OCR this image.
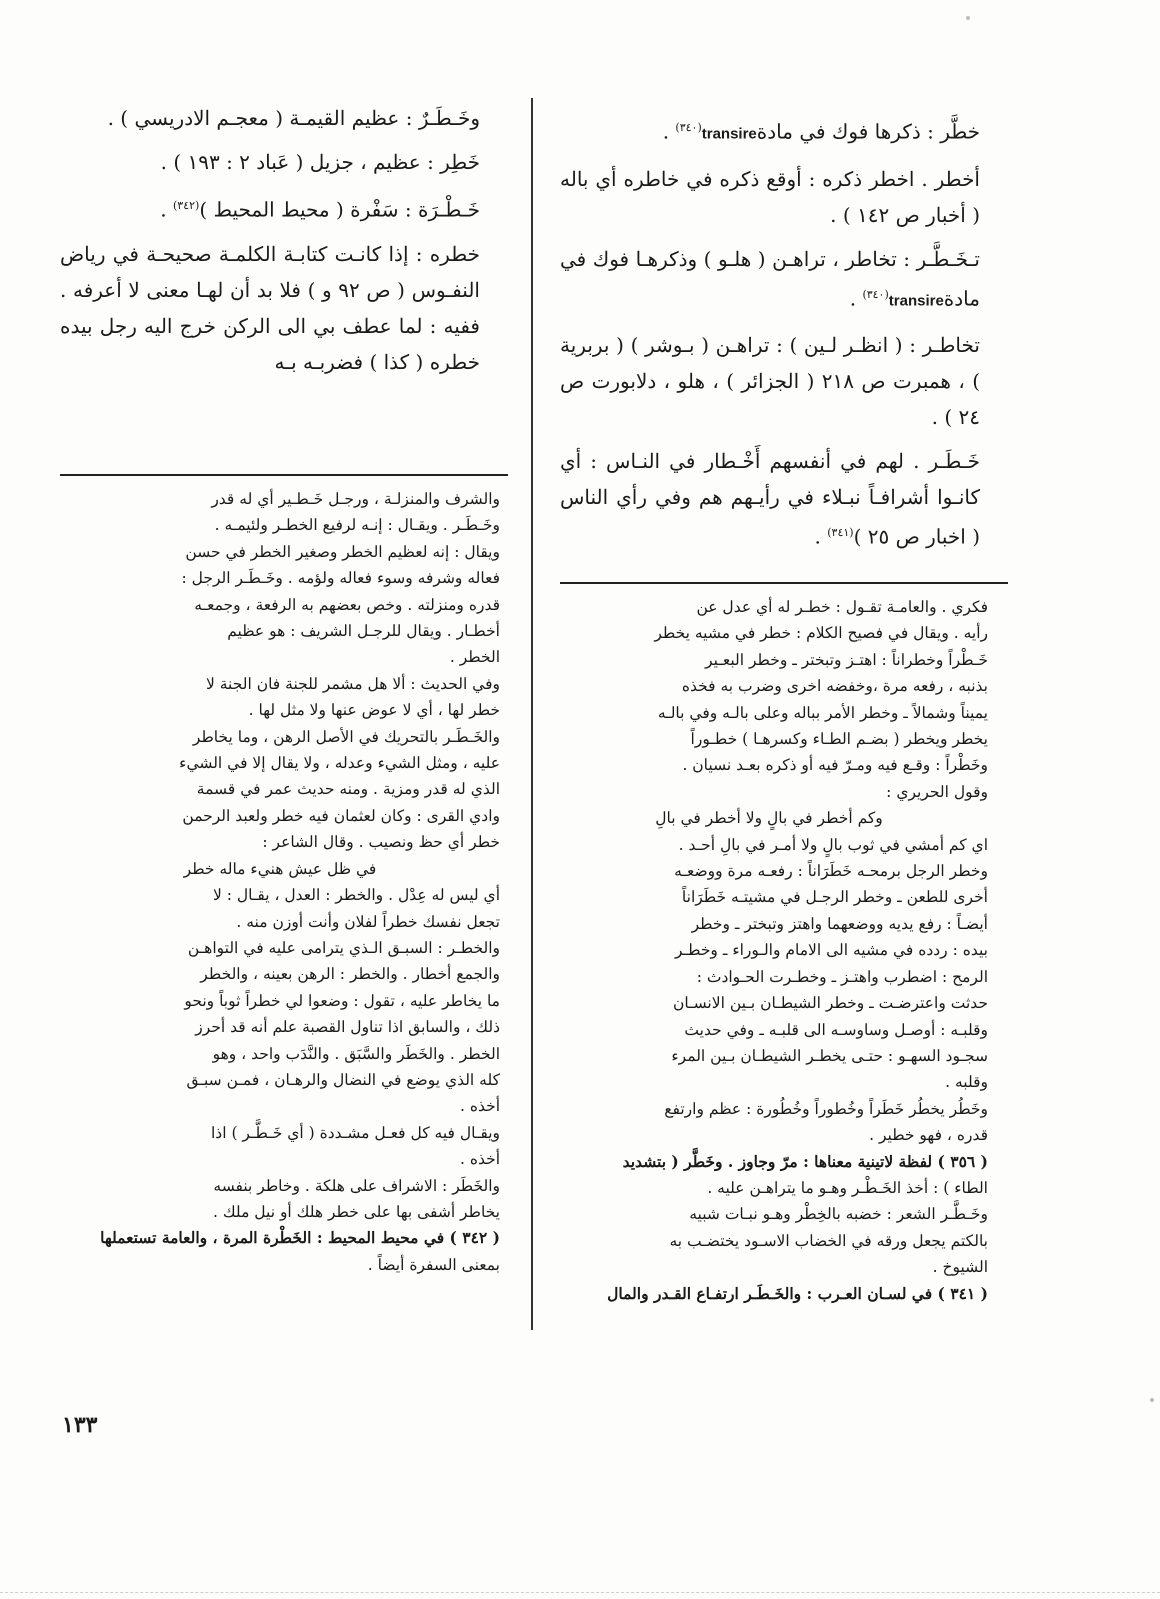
خطَّر : ذكرها فوك في مادةtransire$^{(٣٤٠)}$ .
أخطر . اخطر ذكره : أوقع ذكره في خاطره أي باله ( أخبار ص ١٤٢ ) .
تـخَـطَّـر : تخاطر ، تراهـن ( هلـو ) وذكرهـا فوك في مادةtransire$^{(٣٤٠)}$ .
تخاطـر : ( انظـر لـين ) : تراهـن ( بـوشر ) ( بربرية ) ، همبرت ص ٢١٨ ( الجزائر ) ، هلو ، دلابورت ص ٢٤ ) .
خَـطَـر . لهم في أنفسهم أَخْـطار في النـاس : أي كانـوا أشرافـاً نبـلاء في رأيـهم هم وفي رأي الناس ( اخبار ص ٢٥ )$^{(٣٤١)}$ .
وخَـطَـرٌ : عظيم القيمـة ( معجـم الادريسي ) .
خَطِر : عظيم ، جزيل ( عَباد ٢ : ١٩٣ ) .
خَـطْـرَة : سَفْرة ( محيط المحيط )$^{(٣٤٢)}$ .
خطره : إذا كانـت كتابـة الكلمـة صحيحـة في رياض النفـوس ( ص ٩٢ و ) فلا بد أن لهـا معنى لا أعرفه . ففيه : لما عطف بي الى الركن خرج اليه رجل بيده خطره ( كذا ) فضربـه بـه

فكري . والعامـة تقـول : خطـر له أي عدل عن

رأيه . ويقال في فصيح الكلام : خطر في مشيه يخطر

خَـطْراً وخطراناً : اهتـز وتبختر ـ وخطر البعـير

بذنبه ، رفعه مرة ،وخفضه اخرى وضرب به فخذه

يميناً وشمالاً ـ وخطر الأمر بباله وعلى بالـه وفي بالـه

يخطر ويخطر ( بضـم الطـاء وكسرهـا ) خطـوراً

وخَطْراً : وقـع فيه ومـرّ فيه أو ذكره بعـد نسيان .

وقول الحريري :

وكم أخطر في بالٍ ولا أخطر في بالِ

اي كم أمشي في ثوب بالٍ ولا أمـر في بالِ أحـد .

وخطر الرجل برمحـه خَطَرَاناً : رفعـه مرة ووضعـه

أخرى للطعن ـ وخطر الرجـل في مشيتـه خَطَرَاناً

أيضـاً : رفع يديه ووضعهما واهتز وتبختر ـ وخطر

بيده : ردده في مشيه الى الامام والـوراء ـ وخطـر

الرمح : اضطرب واهتـز ـ وخطـرت الحـوادث :

حدثت واعترضـت ـ وخطر الشيطـان بـين الانسـان

وقلبـه : أوصـل وساوسـه الى قلبـه ـ وفي حديث

سجـود السهـو : حتـى يخطـر الشيطـان بـين المرء

وقلبه .

وخَطُر يخطُر خَطَراً وخُطوراً وخُطُورة : عظم وارتفع

قدره ، فهو خطير .

( ٣٥٦ ) لفظة لاتينية معناها : مرّ وجاوز . وخَطَّر ( بتشديد

الطاء ) : أخذ الخَـطْـر وهـو ما يتراهـن عليه .

وخَـطَّـر الشعر : خضبه بالخِطْر وهـو نبـات شبيه

بالكتم يجعل ورقه في الخضاب الاسـود يختضـب به

الشيوخ .

( ٣٤١ ) في لسـان العـرب : والخَـطَـر ارتفـاع القـدر والمال

والشرف والمنزلـة ، ورجـل خَـطـير أي له قدر

وخَـطَـر . ويقـال : إنـه لرفيع الخطـر ولئيمـه .

ويقال : إنه لعظيم الخطر وصغير الخطر في حسن

فعاله وشرفه وسوء فعاله ولؤمه . وخَـطَـر الرجل :

قدره ومنزلته . وخص بعضهم به الرفعة ، وجمعـه

أخطـار . ويقال للرجـل الشريف : هو عظيم

الخطر .

وفي الحديث : ألا هل مشمر للجنة فان الجنة لا

خطر لها ، أي لا عوض عنها ولا مثل لها .

والخَـطَـر بالتحريك في الأصل الرهن ، وما يخاطر

عليه ، ومثل الشيء وعدله ، ولا يقال إلا في الشيء

الذي له قدر ومزية . ومنه حديث عمر في قسمة

وادي القرى : وكان لعثمان فيه خطر ولعبد الرحمن

خطر أي حظ ونصيب . وقال الشاعر :

في ظل عيش هنيء ماله خطر

أي ليس له عِدْل . والخطر : العدل ، يقـال : لا

تجعل نفسك خطراً لفلان وأنت أوزن منه .

والخطـر : السبـق الـذي يترامى عليه في التواهـن

والجمع أخطار . والخطر : الرهن بعينه ، والخطر

ما يخاطر عليه ، تقول : وضعوا لي خطراً ثوباً ونحو

ذلك ، والسابق اذا تناول القصبة علم أنه قد أحرز

الخطر . والخَطَر والسَّبَق . والنَّدَب واحد ، وهو

كله الذي يوضع في النضال والرهـان ، فمـن سبـق

أخذه .

ويقـال فيه كل فعـل مشـددة ( أي خَـطَّـر ) اذا

أخذه .

والخَطَر : الاشراف على هلكة . وخاطر بنفسه

يخاطر أشفى بها على خطر هلك أو نيل ملك .

( ٣٤٢ ) في محيط المحيط : الخَطْرة المرة ، والعامة تستعملها

بمعنى السفرة أيضاً .

١٣٣
